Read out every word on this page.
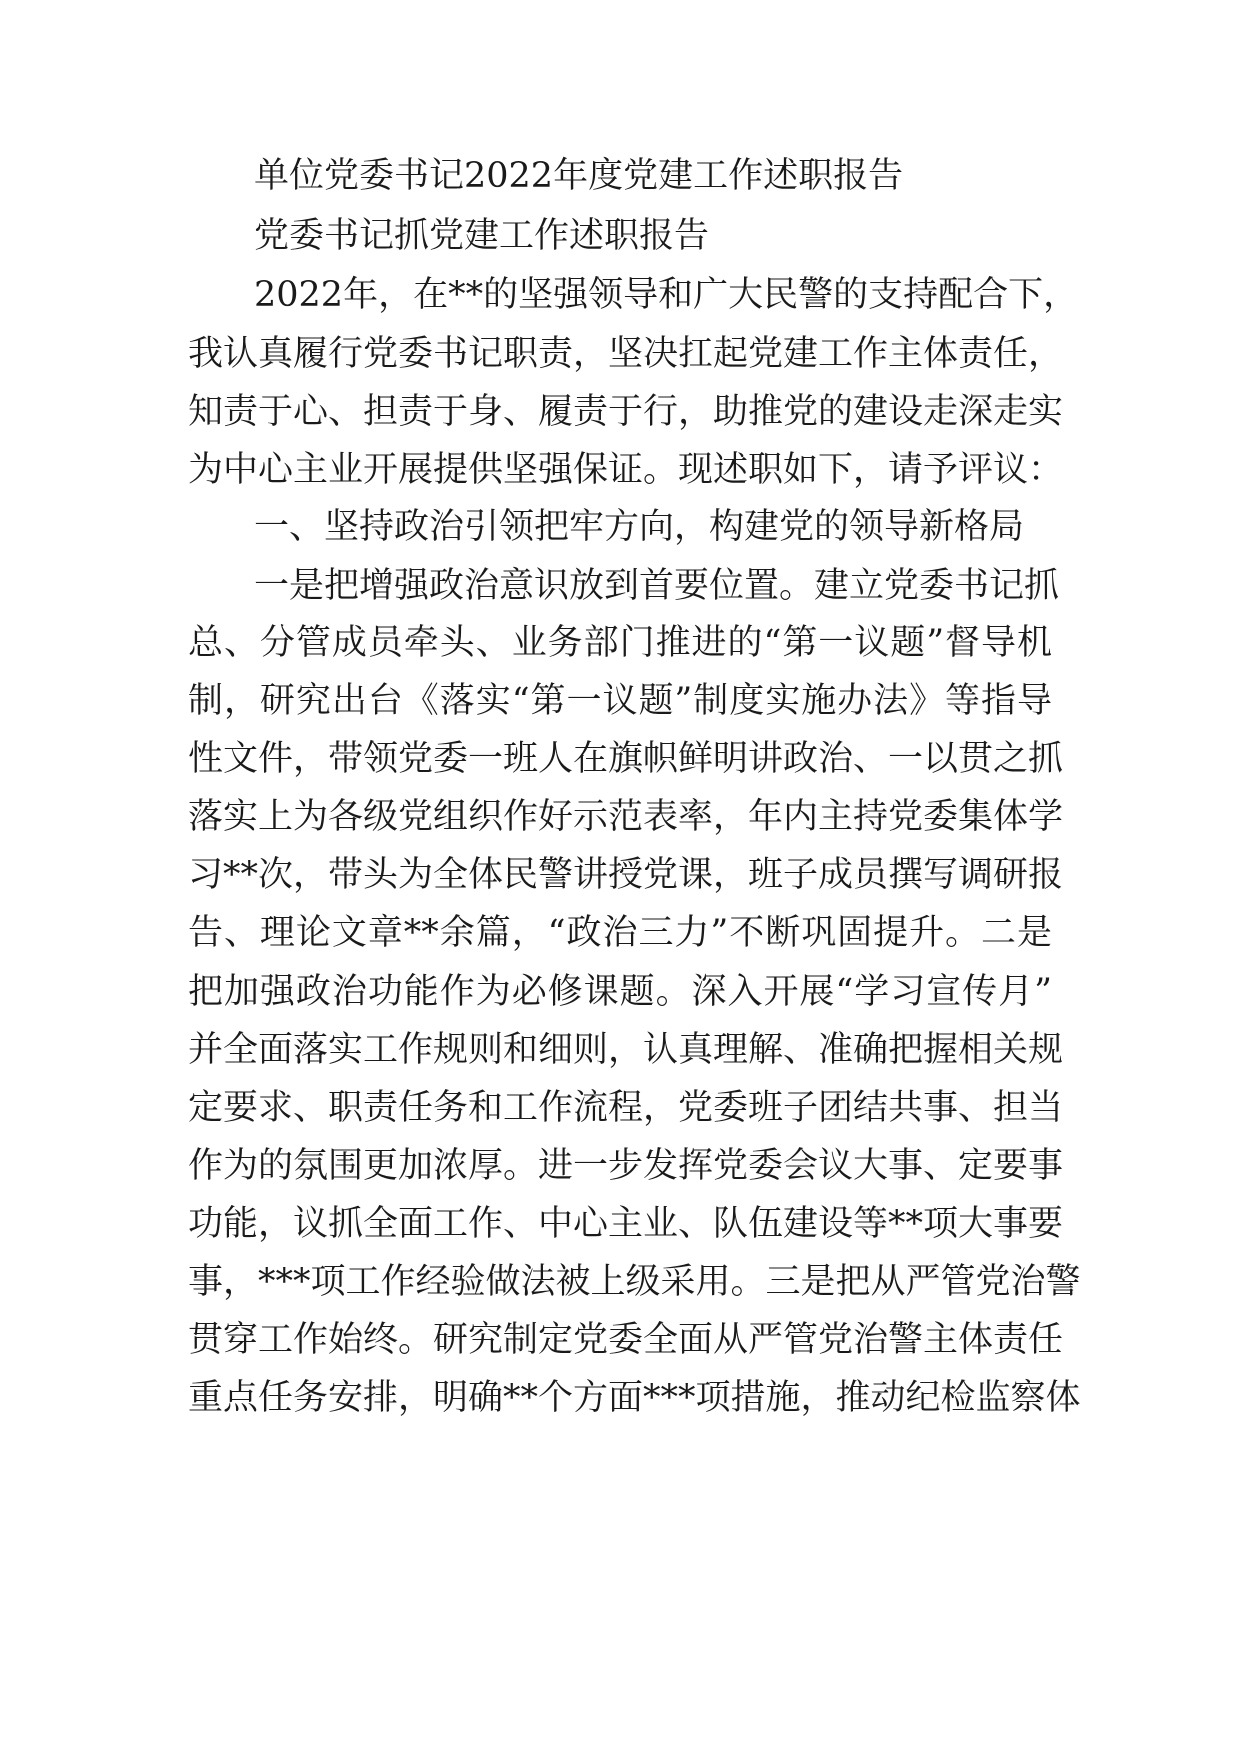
单位党委书记2022年度党建工作述职报告
党委书记抓党建工作述职报告
2022年，在**的坚强领导和广大民警的支持配合下，
我认真履行党委书记职责，坚决扛起党建工作主体责任，
知责于心、担责于身、履责于行，助推党的建设走深走实
为中心主业开展提供坚强保证。现述职如下，请予评议：
一、坚持政治引领把牢方向，构建党的领导新格局
一是把增强政治意识放到首要位置。建立党委书记抓
总、分管成员牵头、业务部门推进的“第一议题”督导机
制，研究出台《落实“第一议题”制度实施办法》等指导
性文件，带领党委一班人在旗帜鲜明讲政治、一以贯之抓
落实上为各级党组织作好示范表率，年内主持党委集体学
习**次，带头为全体民警讲授党课，班子成员撰写调研报
告、理论文章**余篇，“政治三力”不断巩固提升。二是
把加强政治功能作为必修课题。深入开展“学习宣传月”
并全面落实工作规则和细则，认真理解、准确把握相关规
定要求、职责任务和工作流程，党委班子团结共事、担当
作为的氛围更加浓厚。进一步发挥党委会议大事、定要事
功能，议抓全面工作、中心主业、队伍建设等**项大事要
事，***项工作经验做法被上级采用。三是把从严管党治警
贯穿工作始终。研究制定党委全面从严管党治警主体责任
重点任务安排，明确**个方面***项措施，推动纪检监察体
